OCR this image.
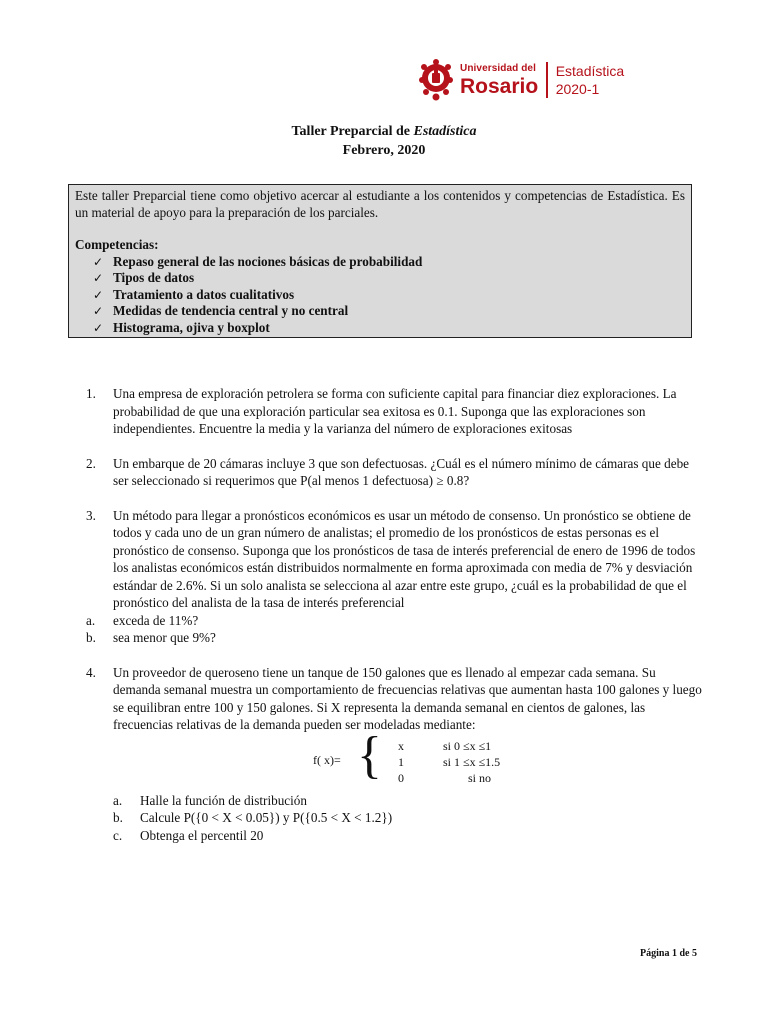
Universidad del
Rosario
Estadística
2020-1
Taller Preparcial de Estadística
Febrero, 2020
Este taller Preparcial tiene como objetivo acercar al estudiante a los contenidos y competencias de Estadística. Es un material de apoyo para la preparación de los parciales.
Competencias:
✓ Repaso general de las nociones básicas de probabilidad
✓ Tipos de datos
✓ Tratamiento a datos cualitativos
✓ Medidas de tendencia central y no central
✓ Histograma, ojiva y boxplot
1.	Una empresa de exploración petrolera se forma con suficiente capital para financiar diez exploraciones. La probabilidad de que una exploración particular sea exitosa es 0.1. Suponga que las exploraciones son independientes. Encuentre la media y la varianza del número de exploraciones exitosas
2.	Un embarque de 20 cámaras incluye 3 que son defectuosas. ¿Cuál es el número mínimo de cámaras que debe ser seleccionado si requerimos que P(al menos 1 defectuosa) ≥ 0.8?
3.	Un método para llegar a pronósticos económicos es usar un método de consenso. Un pronóstico se obtiene de todos y cada uno de un gran número de analistas; el promedio de los pronósticos de estas personas es el pronóstico de consenso. Suponga que los pronósticos de tasa de interés preferencial de enero de 1996 de todos los analistas económicos están distribuidos normalmente en forma aproximada con media de 7% y desviación estándar de 2.6%. Si un solo analista se selecciona al azar entre este grupo, ¿cuál es la probabilidad de que el pronóstico del analista de la tasa de interés preferencial
a.	exceda de 11%?
b.	sea menor que 9%?
4.	Un proveedor de queroseno tiene un tanque de 150 galones que es llenado al empezar cada semana. Su demanda semanal muestra un comportamiento de frecuencias relativas que aumentan hasta 100 galones y luego se equilibran entre 100 y 150 galones. Si X representa la demanda semanal en cientos de galones, las frecuencias relativas de la demanda pueden ser modeladas mediante:
f( x)= { x	si 0 ≤x ≤1
1	si 1 ≤x ≤1.5
0	si no
a.	Halle la función de distribución
b.	Calcule P({0 < X < 0.05}) y P({0.5 < X < 1.2})
c.	Obtenga el percentil 20
Página 1 de 5
